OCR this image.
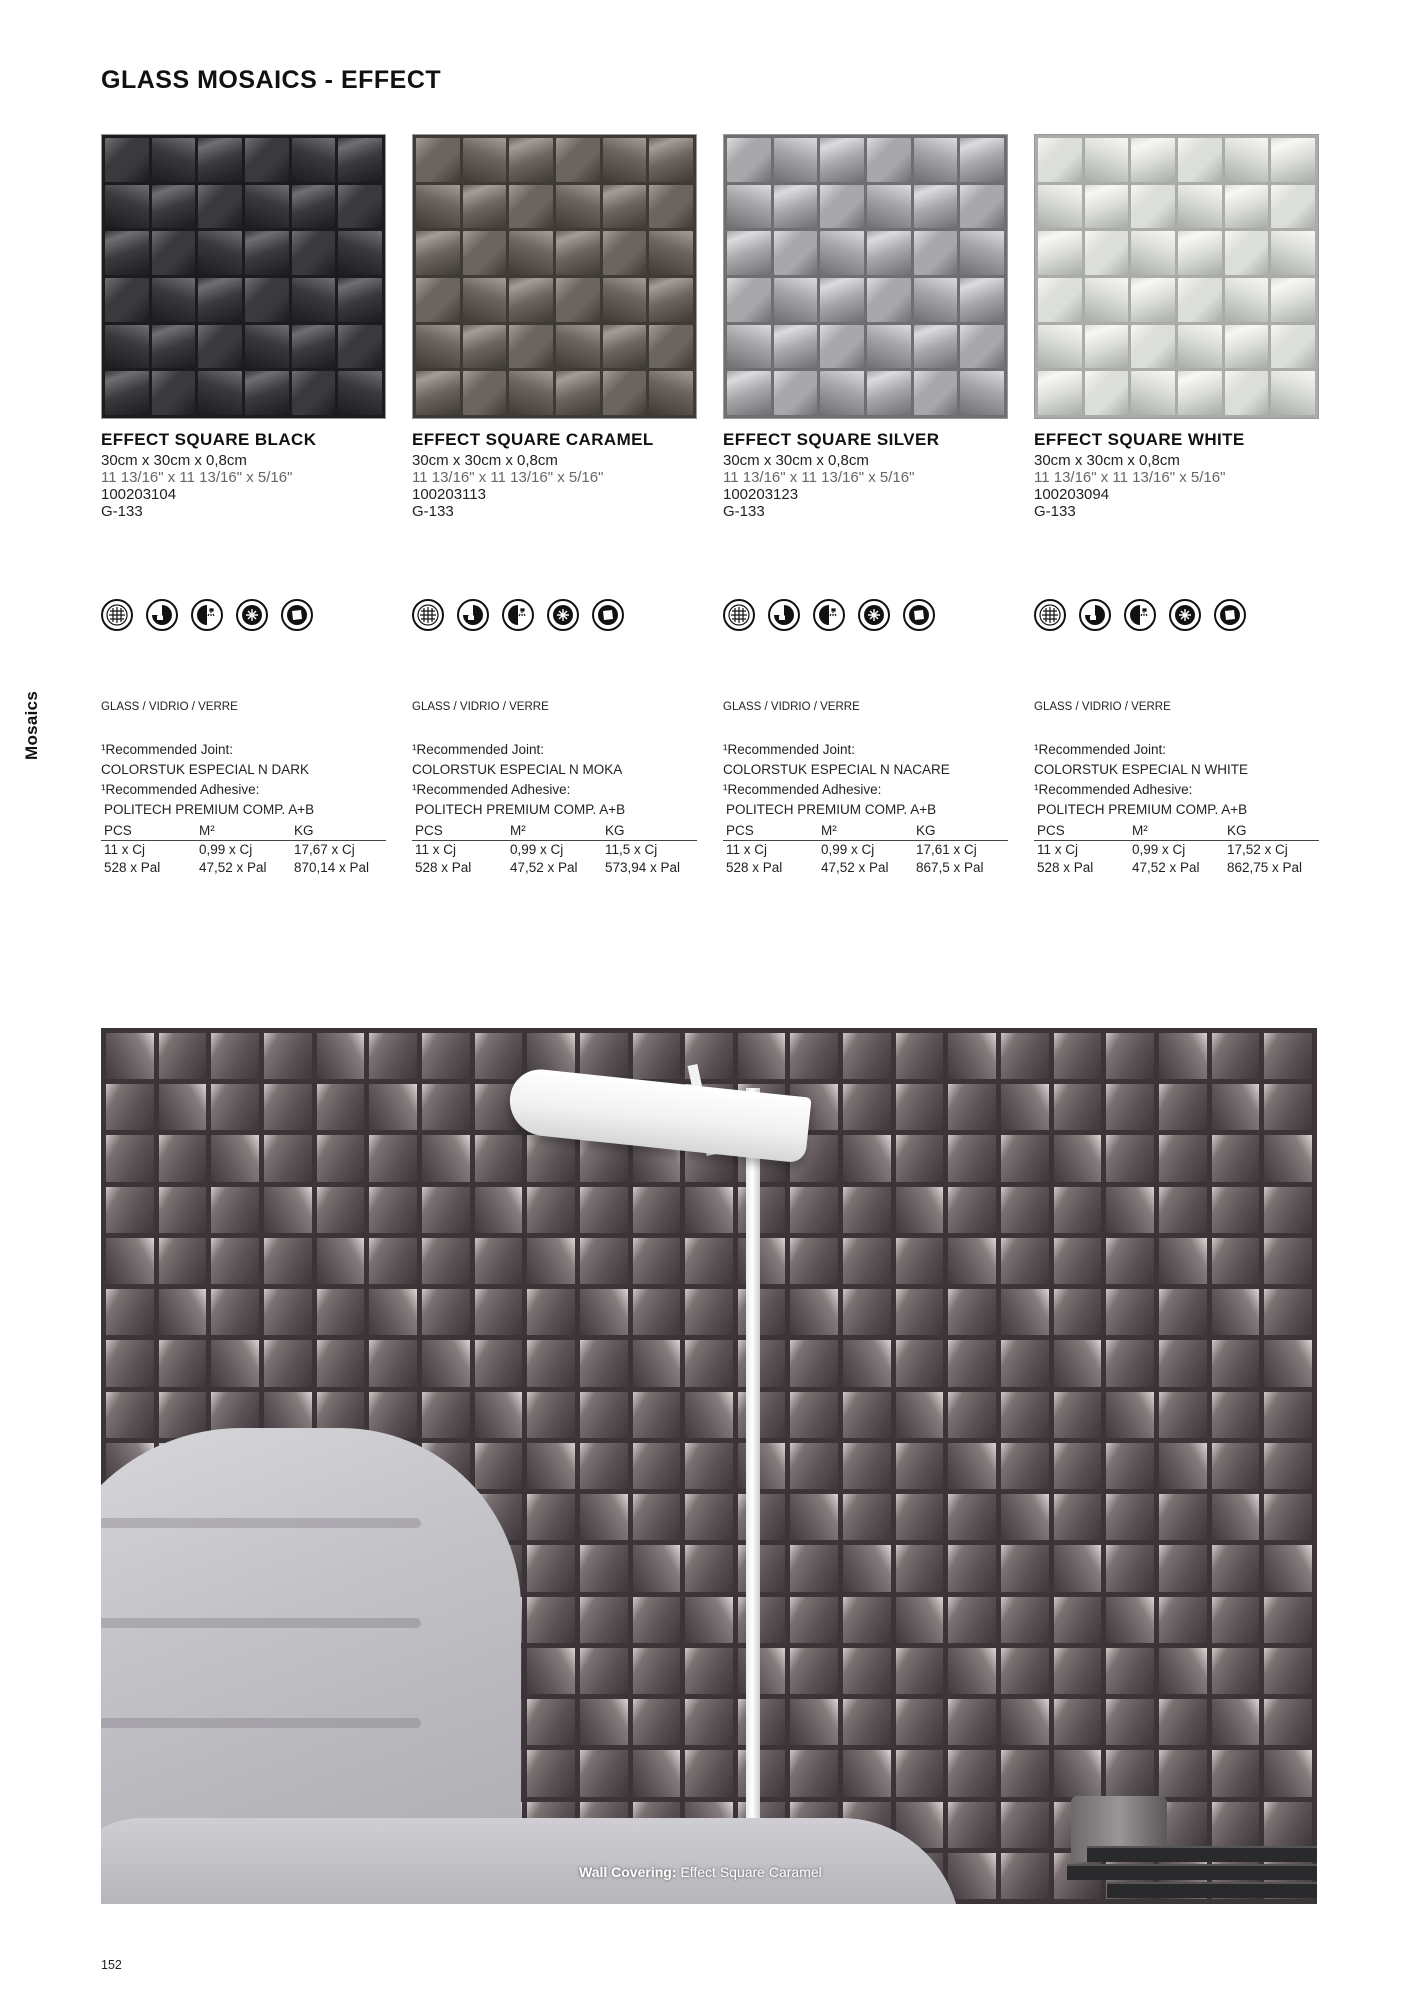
GLASS MOSAICS - EFFECT
Mosaics
EFFECT SQUARE BLACK
30cm x 30cm x 0,8cm
11 13/16" x 11 13/16" x 5/16"
100203104
G-133
GLASS / VIDRIO / VERRE
¹Recommended Joint:
COLORSTUK ESPECIAL N DARK
¹Recommended Adhesive:
POLITECH PREMIUM COMP. A+B
PCS	M²	KG
11 x Cj	0,99 x Cj	17,67 x Cj
528 x Pal	47,52 x Pal	870,14 x Pal
EFFECT SQUARE CARAMEL
30cm x 30cm x 0,8cm
11 13/16" x 11 13/16" x 5/16"
100203113
G-133
GLASS / VIDRIO / VERRE
¹Recommended Joint:
COLORSTUK ESPECIAL N MOKA
¹Recommended Adhesive:
POLITECH PREMIUM COMP. A+B
PCS	M²	KG
11 x Cj	0,99 x Cj	11,5 x Cj
528 x Pal	47,52 x Pal	573,94 x Pal
EFFECT SQUARE SILVER
30cm x 30cm x 0,8cm
11 13/16" x 11 13/16" x 5/16"
100203123
G-133
GLASS / VIDRIO / VERRE
¹Recommended Joint:
COLORSTUK ESPECIAL N NACARE
¹Recommended Adhesive:
POLITECH PREMIUM COMP. A+B
PCS	M²	KG
11 x Cj	0,99 x Cj	17,61 x Cj
528 x Pal	47,52 x Pal	867,5 x Pal
EFFECT SQUARE WHITE
30cm x 30cm x 0,8cm
11 13/16" x 11 13/16" x 5/16"
100203094
G-133
GLASS / VIDRIO / VERRE
¹Recommended Joint:
COLORSTUK ESPECIAL N WHITE
¹Recommended Adhesive:
POLITECH PREMIUM COMP. A+B
PCS	M²	KG
11 x Cj	0,99 x Cj	17,52 x Cj
528 x Pal	47,52 x Pal	862,75 x Pal
Wall Covering: Effect Square Caramel
152
